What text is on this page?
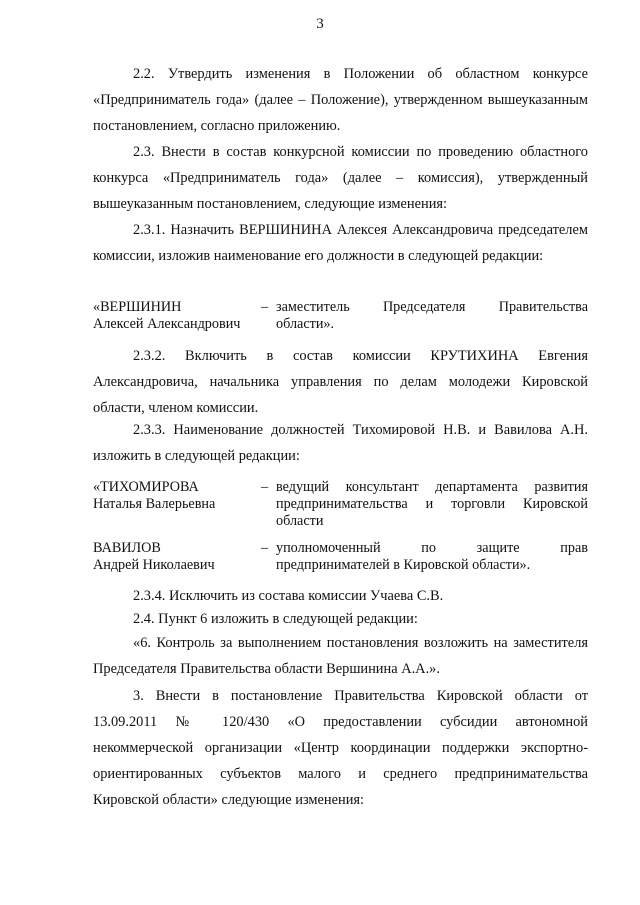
3
2.2. Утвердить изменения в Положении об областном конкурсе «Предприниматель года» (далее – Положение), утвержденном вышеуказанным постановлением, согласно приложению.
2.3. Внести в состав конкурсной комиссии по проведению областного конкурса «Предприниматель года» (далее – комиссия), утвержденный вышеуказанным постановлением, следующие изменения:
2.3.1. Назначить ВЕРШИНИНА Алексея Александровича председателем комиссии, изложив наименование его должности в следующей редакции:
«ВЕРШИНИН
Алексей Александрович
– заместитель Председателя Правительства области».
2.3.2. Включить в состав комиссии КРУТИХИНА Евгения Александровича, начальника управления по делам молодежи Кировской области, членом комиссии.
2.3.3. Наименование должностей Тихомировой Н.В. и Вавилова А.Н. изложить в следующей редакции:
«ТИХОМИРОВА
Наталья Валерьевна
– ведущий консультант департамента развития предпринимательства и торговли Кировской области
ВАВИЛОВ
Андрей Николаевич
– уполномоченный по защите прав предпринимателей в Кировской области».
2.3.4. Исключить из состава комиссии Учаева С.В.
2.4. Пункт 6 изложить в следующей редакции:
«6. Контроль за выполнением постановления возложить на заместителя Председателя Правительства области Вершинина А.А.».
3. Внести в постановление Правительства Кировской области от 13.09.2011 № 120/430 «О предоставлении субсидии автономной некоммерческой организации «Центр координации поддержки экспортно-ориентированных субъектов малого и среднего предпринимательства Кировской области» следующие изменения:
